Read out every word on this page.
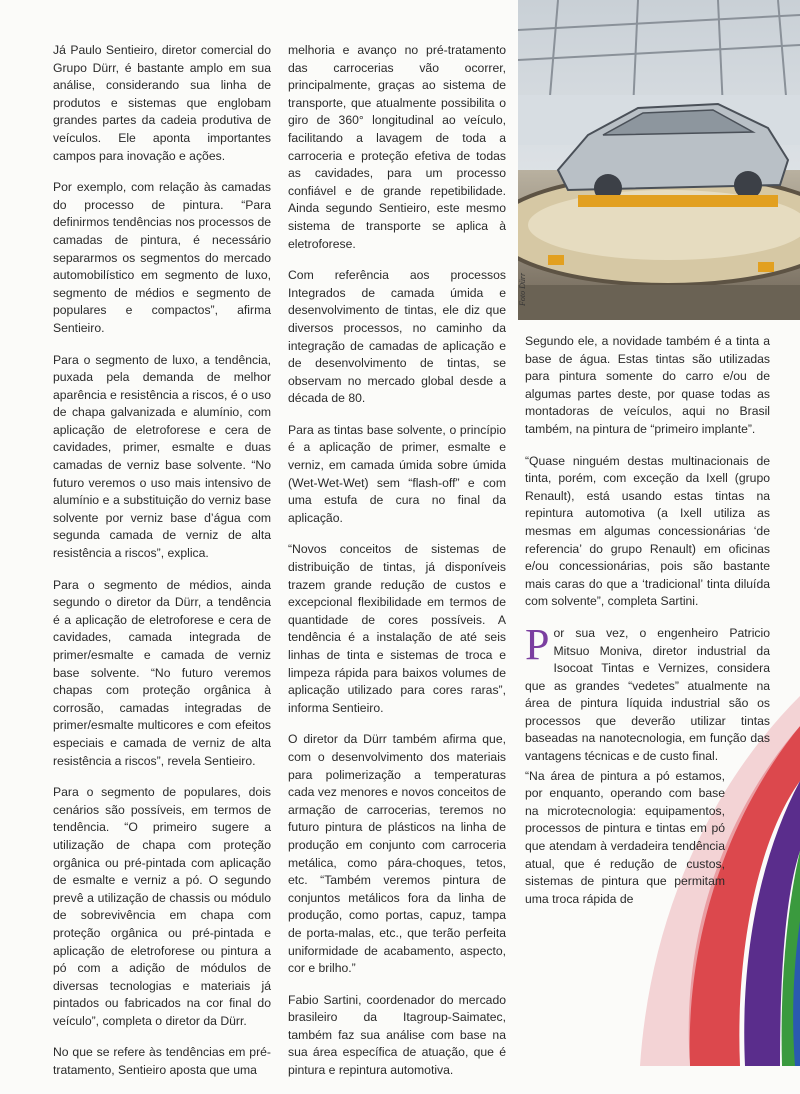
Foto Dürr

Já Paulo Sentieiro, diretor comercial do Grupo Dürr, é bastante amplo em sua análise, considerando sua linha de produtos e sistemas que englobam grandes partes da cadeia produtiva de veículos. Ele aponta importantes campos para inovação e ações.

Por exemplo, com relação às camadas do processo de pintura. “Para definirmos tendências nos processos de camadas de pintura, é necessário separarmos os segmentos do mercado automobilístico em segmento de luxo, segmento de médios e segmento de populares e compactos”, afirma Sentieiro.

Para o segmento de luxo, a tendência, puxada pela demanda de melhor aparência e resistência a riscos, é o uso de chapa galvanizada e alumínio, com aplicação de eletroforese e cera de cavidades, primer, esmalte e duas camadas de verniz base solvente. “No futuro veremos o uso mais intensivo de alumínio e a substituição do verniz base solvente por verniz base d’água com segunda camada de verniz de alta resistência a riscos”, explica.

Para o segmento de médios, ainda segundo o diretor da Dürr, a tendência é a aplicação de eletroforese e cera de cavidades, camada integrada de primer/esmalte e camada de verniz base solvente. “No futuro veremos chapas com proteção orgânica à corrosão, camadas integradas de primer/esmalte multicores e com efeitos especiais e camada de verniz de alta resistência a riscos”, revela Sentieiro.

Para o segmento de populares, dois cenários são possíveis, em termos de tendência. “O primeiro sugere a utilização de chapa com proteção orgânica ou pré-pintada com aplicação de esmalte e verniz a pó. O segundo prevê a utilização de chassis ou módulo de sobrevivência em chapa com proteção orgânica ou pré-pintada e aplicação de eletroforese ou pintura a pó com a adição de módulos de diversas tecnologias e materiais já pintados ou fabricados na cor final do veículo”, completa o diretor da Dürr.

No que se refere às tendências em pré-tratamento, Sentieiro aposta que uma

melhoria e avanço no pré-tratamento das carrocerias vão ocorrer, principalmente, graças ao sistema de transporte, que atualmente possibilita o giro de 360° longitudinal ao veículo, facilitando a lavagem de toda a carroceria e proteção efetiva de todas as cavidades, para um processo confiável e de grande repetibilidade. Ainda segundo Sentieiro, este mesmo sistema de transporte se aplica à eletroforese.

Com referência aos processos Integrados de camada úmida e desenvolvimento de tintas, ele diz que diversos processos, no caminho da integração de camadas de aplicação e de desenvolvimento de tintas, se observam no mercado global desde a década de 80.

Para as tintas base solvente, o princípio é a aplicação de primer, esmalte e verniz, em camada úmida sobre úmida (Wet-Wet-Wet) sem “flash-off” e com uma estufa de cura no final da aplicação.

“Novos conceitos de sistemas de distribuição de tintas, já disponíveis trazem grande redução de custos e excepcional flexibilidade em termos de quantidade de cores possíveis. A tendência é a instalação de até seis linhas de tinta e sistemas de troca e limpeza rápida para baixos volumes de aplicação utilizado para cores raras”, informa Sentieiro.

O diretor da Dürr também afirma que, com o desenvolvimento dos materiais para polimerização a temperaturas cada vez menores e novos conceitos de armação de carrocerias, teremos no futuro pintura de plásticos na linha de produção em conjunto com carroceria metálica, como pára-choques, tetos, etc. “Também veremos pintura de conjuntos metálicos fora da linha de produção, como portas, capuz, tampa de porta-malas, etc., que terão perfeita uniformidade de acabamento, aspecto, cor e brilho.”

Fabio Sartini, coordenador do mercado brasileiro da Itagroup-Saimatec, também faz sua análise com base na sua área específica de atuação, que é pintura e repintura automotiva.

Segundo ele, a novidade também é a tinta a base de água. Estas tintas são utilizadas para pintura somente do carro e/ou de algumas partes deste, por quase todas as montadoras de veículos, aqui no Brasil também, na pintura de “primeiro implante”.

“Quase ninguém destas multinacionais de tinta, porém, com exceção da Ixell (grupo Renault), está usando estas tintas na repintura automotiva (a Ixell utiliza as mesmas em algumas concessionárias ‘de referencia’ do grupo Renault) em oficinas e/ou concessionárias, pois são bastante mais caras do que a ‘tradicional’ tinta diluída com solvente”, completa Sartini.

Por sua vez, o engenheiro Patricio Mitsuo Moniva, diretor industrial da Isocoat Tintas e Vernizes, considera que as grandes “vedetes” atualmente na área de pintura líquida industrial são os processos que deverão utilizar tintas baseadas na nanotecnologia, em função das vantagens técnicas e de custo final.

“Na área de pintura a pó estamos, por enquanto, operando com base na microtecnologia: equipamentos, processos de pintura e tintas em pó que atendam à verdadeira tendência atual, que é redução de custos, sistemas de pintura que permitam uma troca rápida de
